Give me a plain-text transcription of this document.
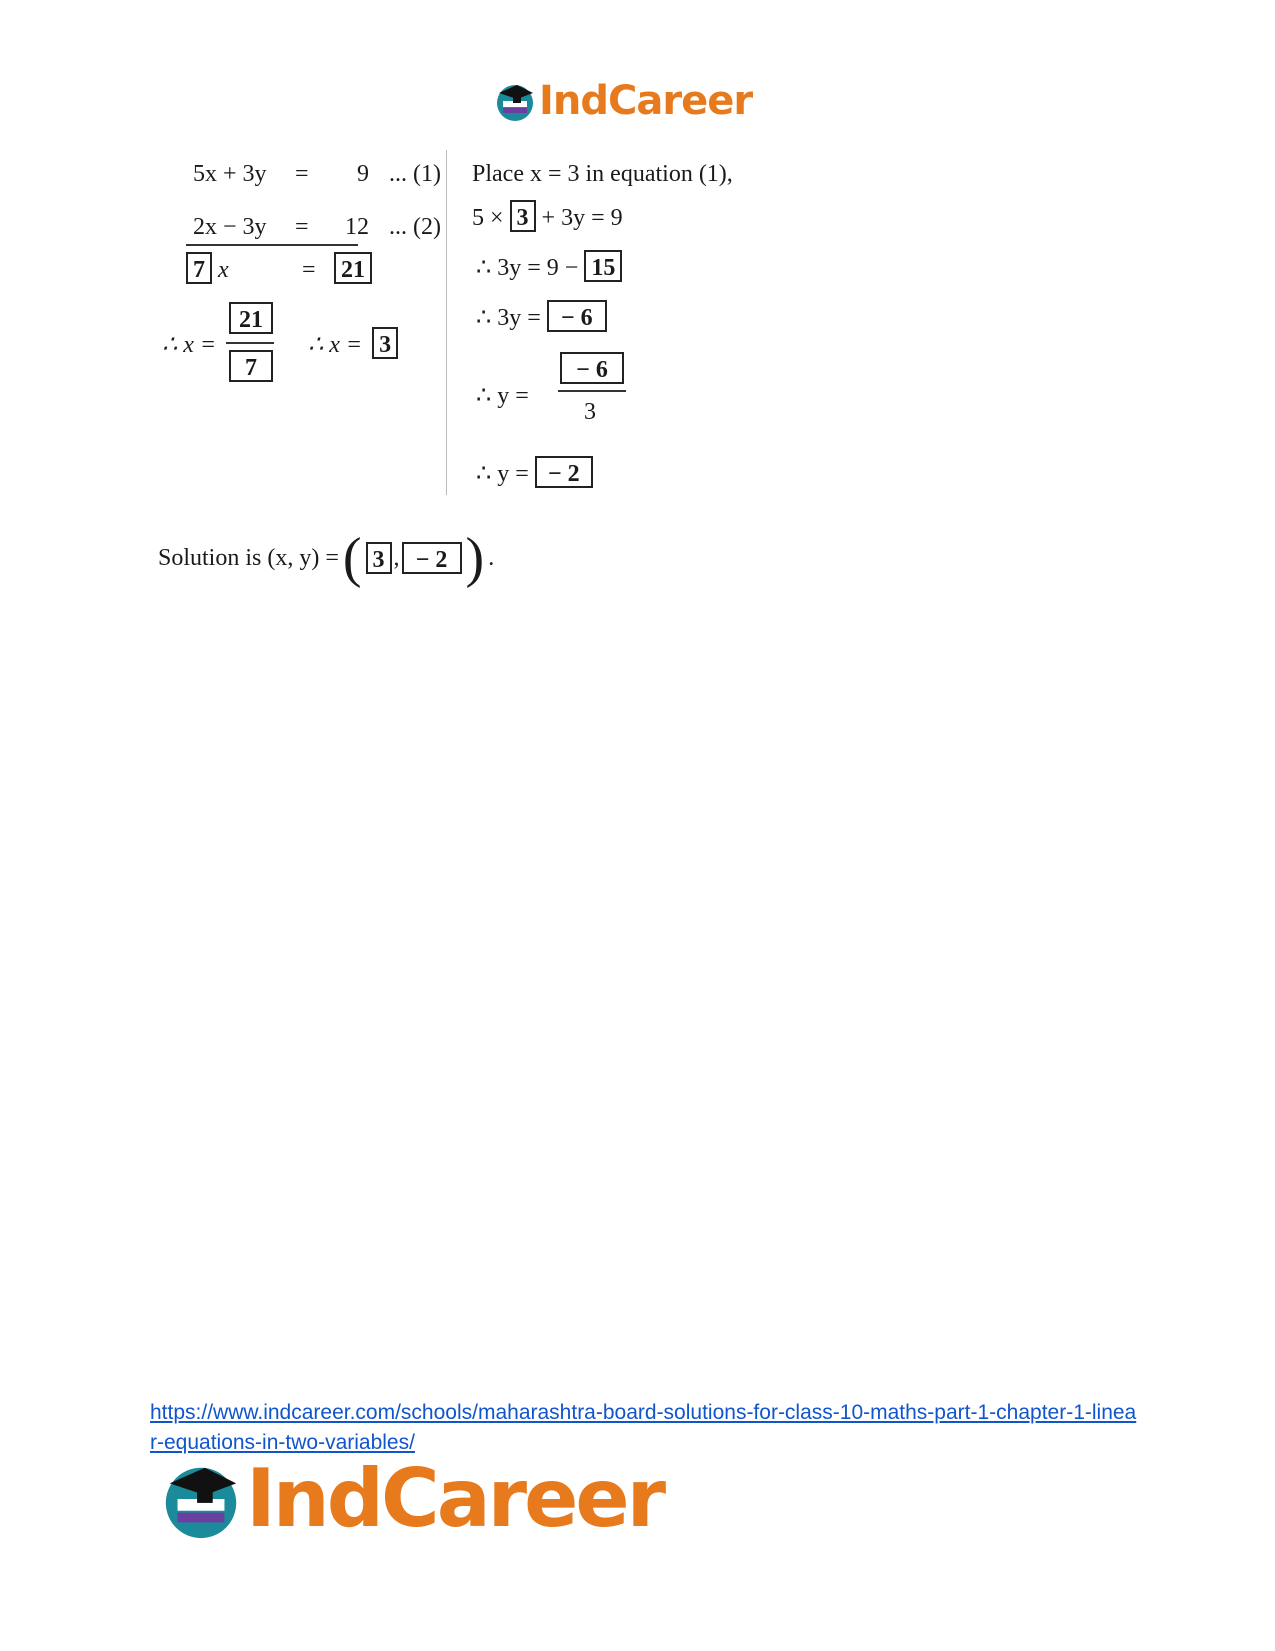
IndCareer
5x + 3y = 9 ... (1)
2x − 3y = 12 ... (2)
7 x	= 21
∴ x =
21
7
∴ x = 3
Place x = 3 in equation (1),
5 × 3 + 3y = 9
∴ 3y = 9 − 15
∴ 3y = − 6
∴ y =
− 6
3
∴ y = − 2
Solution is (x, y) = ( 3 , − 2 ) .
https://www.indcareer.com/schools/maharashtra-board-solutions-for-class-10-maths-part-1-chapter-1-linear-equations-in-two-variables/
IndCareer
